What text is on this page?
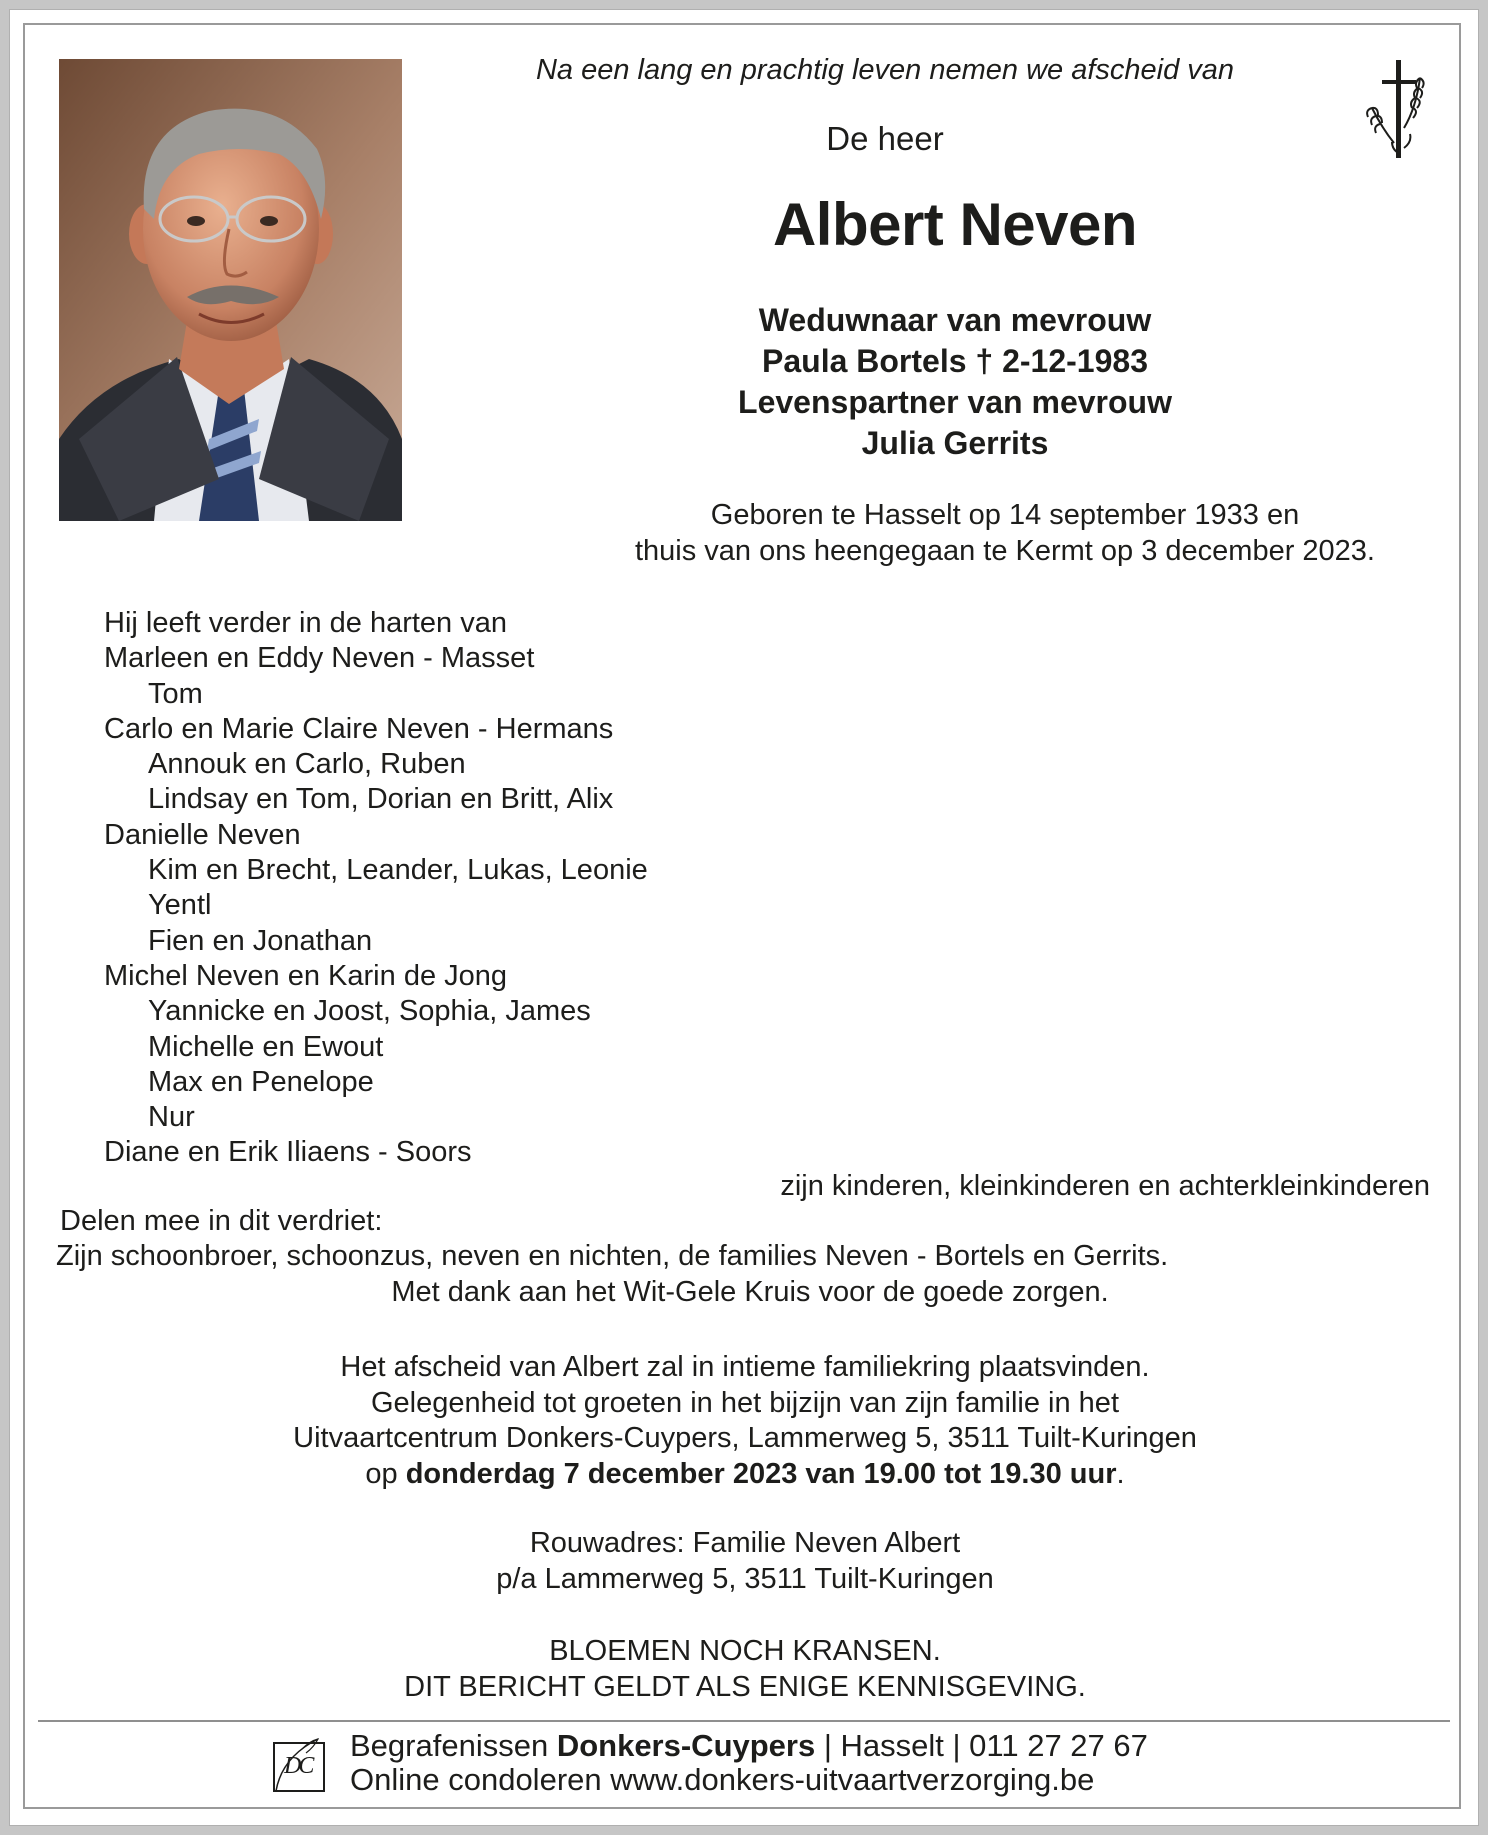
Na een lang en prachtig leven nemen we afscheid van
De heer
Albert Neven
Weduwnaar van mevrouw
Paula Bortels † 2-12-1983
Levenspartner van mevrouw
Julia Gerrits
Geboren te Hasselt op 14 september 1933 en
thuis van ons heengegaan te Kermt op 3 december 2023.
Hij leeft verder in de harten van
Marleen en Eddy Neven - Masset
Tom
Carlo en Marie Claire Neven - Hermans
Annouk en Carlo, Ruben
Lindsay en Tom, Dorian en Britt, Alix
Danielle Neven
Kim en Brecht, Leander, Lukas, Leonie
Yentl
Fien en Jonathan
Michel Neven en Karin de Jong
Yannicke en Joost, Sophia, James
Michelle en Ewout
Max en Penelope
Nur
Diane en Erik Iliaens - Soors
zijn kinderen, kleinkinderen en achterkleinkinderen
Delen mee in dit verdriet:
Zijn schoonbroer, schoonzus, neven en nichten, de families Neven - Bortels en Gerrits.
Met dank aan het Wit-Gele Kruis voor de goede zorgen.
Het afscheid van Albert zal in intieme familiekring plaatsvinden.
Gelegenheid tot groeten in het bijzijn van zijn familie in het
Uitvaartcentrum Donkers-Cuypers, Lammerweg 5, 3511 Tuilt-Kuringen
op donderdag 7 december 2023 van 19.00 tot 19.30 uur.
Rouwadres: Familie Neven Albert
p/a Lammerweg 5, 3511 Tuilt-Kuringen
BLOEMEN NOCH KRANSEN.
DIT BERICHT GELDT ALS ENIGE KENNISGEVING.
DC
Begrafenissen Donkers-Cuypers | Hasselt | 011 27 27 67
Online condoleren www.donkers-uitvaartverzorging.be
